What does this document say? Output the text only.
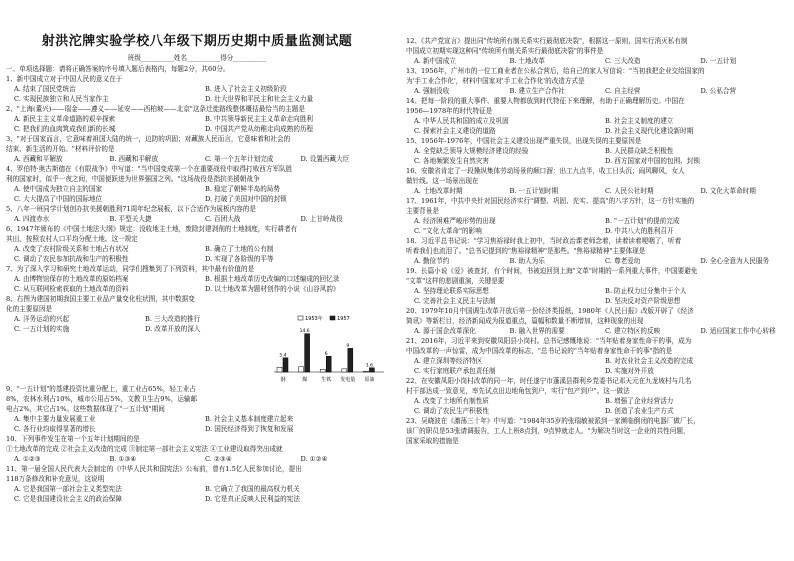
射洪沱牌实验学校八年级下期历史期中质量监测试题
班级__________姓名__________得分__________
一、单项选择题：请将正确答案的序号填入题后表格内，每题2分，共60分。
1、新中国成立对于中国人民的意义在于
A. 结束了国民党统治	B. 进入了社会主义初级阶段
C. 实现民族独立和人民当家作主	D. 壮大世界和平民主和社会主义力量
2、"上海(董兴)——瑞金——遵义——延安——西柏坡——北京"这条迁徙路线整体概括最恰当的主题是
A. 新民主主义革命道路的艰辛探索	B. 中共领导新民主主义革命走向胜利
C. 把我们的血肉筑成我们新的长城	D. 中国共产党从幼稚走向成熟的历程
3、"对于国家而言，它意味着祖国大陆的统一，边防的巩固；对藏族人民而言，它意味着和社会的
结束、新生活的开始。"材料评价的是
A. 西藏和平解放	B. 西藏和平解放	C. 第一个五年计划完成	D. 设置西藏大臣
4、罗伯特·奥古斯德在《有限战争》中写道："当中国变成第一个在重要战役中取得打败西方军队胜
利的国家时，似乎一夜之间，中国便跃进为世界强国之列。"这场战役是指抗美援朝战争
A. 使中国成为独立自主的国家	B. 稳定了朝鲜半岛的局势
C. 大大提高了中国的国际地位	D. 打破了美国对中国的封锁
5、八年一班同学计划创办抗美援朝胜利71周年纪念展板，以下合适作为展板内容的是
A. 四渡赤水	B. 平型关大捷	C. 百团大战	D. 上甘岭战役
6、1947年颁布的《中国土地法大纲》规定：没收地主土地，废除封建剥削的土地制度，实行耕者有
其田，按照农村人口平均分配土地。这一规定
A. 改变了农村阶级关系和土地占有状况	B. 确立了土地的公有制
C. 调动了农民参加抗战和生产的积极性	D. 实现了各阶级的平等
7、为了深入学习和研究土地改革运动，同学们搜集到了下列资料，其中最有价值的是
A. 由博物馆保存的土地改革的原始档案	B. 根据土地改革历史改编的口述编成的回忆录
C. 从互联网检索获取的土地改革的资料	D. 以土地改革为题材创作的小说《山谷风韵》
8、右图为建国初期我国主要工业品产量变化柱状图，其中数据变
化的主要原因是
A. 洋务运动的兴起	B. 三大改造的推行
C. 一五计划的实施	D. 改革开放的深入
5.4
钢
14.6
煤
6
生铁
9
发电量
1.6
原油
1953年	1957
9、"一五计划"的基建投资比重分配上，重工业占65%，轻工业占
8%，农林水利占10%，城市公用占5%，文教卫生占9%，运输邮
电占2%，其它占1%。这些数据体现了"一五计划"期间
A. 集中主要力量发展重工业	B. 社会主义基本制度建立起来
C. 各行业均取得显著的增长	D. 国民经济得到了恢复和发展
10、下列事件发生在第一个五年计划期间的是
①土地改革的完成 ②社会主义改造的完成 ③制定第一部社会主义宪法 ④工业建设取得突出成就
A. ①②③	B. ①③④	C. ②③④	D. ①②④
11、第一届全国人民代表大会制定的《中华人民共和国宪法》公布前，曾有1.5亿人民参加讨论，提出
118万条修改和补充意见，这说明
A. 它是我国第一部社会主义类型宪法	B. 它确立了我国的最高权力机关
C. 它是我国建设社会主义的政治保障	D. 它是真正反映人民利益的宪法
12、《共产党宣言》提出同"传统所有制关系实行最彻底决裂"，根据这一原则，国实行消灭私有制
中国成立初期实现这种同"传统所有制关系实行最彻底决裂"的事件是
A. 新中国成立	B. 土地改革	C. 三大改造	D. 一五计划
13、1956年，广州市的一位工商业者在公私合营后，给自己的家人写信说："当初我把企业交给国家的
为'手工业合作化'，材料中国家对'手工业合作化'的改造方式是
A. 强制没收	B. 建立生产合作社	C. 自主经营	D. 公私合营
14、把每一阶段的重大事件、重要人物都放到时代特征下来理解，有助于正确理解历史。中国在
1956—1978年的时代特征是
A. 中华人民共和国的成立及巩固	B. 社会主义制度的建立
C. 探索社会主义建设的道路	D. 社会主义现代化建设新时期
15、1956年-1976年，中国社会主义建设出现严重失误，出现失误的主要原因是
A. 全党缺乏领导大规模经济建设的经验	B. 人民群众缺乏积极性
C. 各地频繁发生自然灾害	D. 西方国家对中国的包围、封锁
16、安徽省肯定了一段操纵集体劳动场景的顺口溜：出工九点半，收工日头沉；闹风聊风，女人
做针线。这一场景出现在
A. 土地改革时期	B. 一五计划时期	C. 人民公社时期	D. 文化大革命时期
17、1961年，中共中央针对国民经济实行"调整、巩固、充实、提高"的八字方针，这一方针实施的
主要背景是
A. 经济困难严峻形势的出现	B. "一五计划"的提前完成
C. "文化大革命"的影响	D. 中共八大的胜利召开
18、习近平总书记说："学习焦裕禄时我上初中，当时政治课老师念着，读着读着哽咽了，听着
听着我们也流泪了。"总书记提到的"焦裕禄精神"是那些。"焦裕禄精神"主要体现是
A. 勤俭节约	B. 助人为乐	C. 尊老爱幼	D. 全心全意为人民服务
19、长篇小说《爱》被查封，有个时间，书被迫回到上海"文革"时期的一系列重大事件，中国要避免
"文革"这样的悲剧重演，关键是要
A. 坚持理论联系实际思想	B. 防止权力过分集中于个人
C. 完善社会主义民主与法制	D. 坚决反对资产阶级思想
20、1979年10月中国调生改革开放后第一份经济类报纸，1980年《人民日报》改版开辟了《经济
简讯》等新栏目，经济新闻成为报道重点，篇幅和数量不断增加，这种现象的出现
A. 源于国企改革深化	B. 融入世界的需要	C. 建立特区的反映	D. 适应国家工作中心转移
21、2016年，习近平来到安徽凤阳县小岗村。总书记感慨地说："当年贴着身家性命干的事，成为
中国改革的一声惊雷，成为中国改革的标志，"总书记说的"当年贴着身家性命干的事"指的是
A. 建立深圳等经济特区	B. 对农业社会主义改造的完成
C. 实行家庭联产承包责任制	D. 实施对外开放
22、在安徽凤阳小岗村改革的同一年，时任遂宁市蓬溪县群利乡党委书记邓天元在九龙坡村与几名
村干部达成一致意见，率先试点田边地角包到户，实行"包产到户"。这一做法
A. 改变了土地所有制性质	B. 增强了企业经营活力
C. 调动了农民生产积极性	D. 创造了农业生产方式
23、吴晓波在《激荡三十年》中写道："1984年35岁的张瑞敏被派到一家濒临倒闭的电器厂做厂长，
该厂的职员是53张请调报告，工人上班8点到，9点钟就走人。"为解决当时这一企业的共性问题，
国家采取的措施是
